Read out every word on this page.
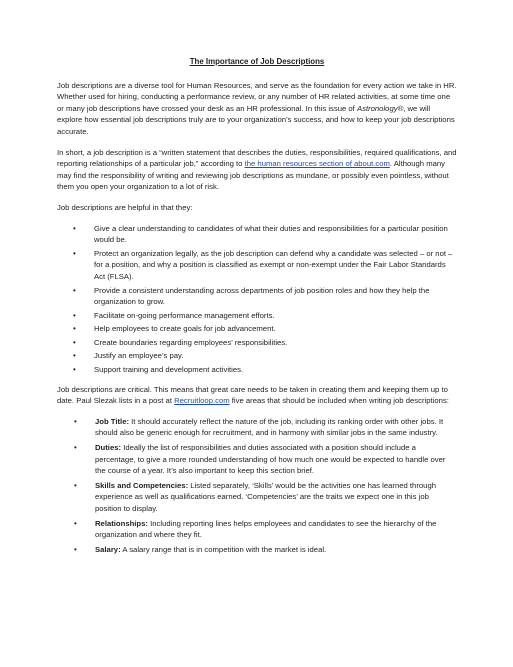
The Importance of Job Descriptions

Job descriptions are a diverse tool for Human Resources, and serve as the foundation for every action we take in HR. Whether used for hiring, conducting a performance review, or any number of HR related activities, at some time one or many job descriptions have crossed your desk as an HR professional. In this issue of Astronology®, we will explore how essential job descriptions truly are to your organization’s success, and how to keep your job descriptions accurate.

In short, a job description is a “written statement that describes the duties, responsibilities, required qualifications, and reporting relationships of a particular job,” according to the human resources section of about.com. Although many may find the responsibility of writing and reviewing job descriptions as mundane, or possibly even pointless, without them you open your organization to a lot of risk.

Job descriptions are helpful in that they:

• Give a clear understanding to candidates of what their duties and responsibilities for a particular position would be.
• Protect an organization legally, as the job description can defend why a candidate was selected – or not – for a position, and why a position is classified as exempt or non-exempt under the Fair Labor Standards Act (FLSA).
• Provide a consistent understanding across departments of job position roles and how they help the organization to grow.
• Facilitate on-going performance management efforts.
• Help employees to create goals for job advancement.
• Create boundaries regarding employees’ responsibilities.
• Justify an employee’s pay.
• Support training and development activities.

Job descriptions are critical. This means that great care needs to be taken in creating them and keeping them up to date. Paul Slezak lists in a post at Recruitloop.com five areas that should be included when writing job descriptions:

• Job Title: It should accurately reflect the nature of the job, including its ranking order with other jobs. It should also be generic enough for recruitment, and in harmony with similar jobs in the same industry.
• Duties: Ideally the list of responsibilities and duties associated with a position should include a percentage, to give a more rounded understanding of how much one would be expected to handle over the course of a year. It’s also important to keep this section brief.
• Skills and Competencies: Listed separately, ‘Skills’ would be the activities one has learned through experience as well as qualifications earned. ‘Competencies’ are the traits we expect one in this job position to display.
• Relationships: Including reporting lines helps employees and candidates to see the hierarchy of the organization and where they fit.
• Salary: A salary range that is in competition with the market is ideal.
